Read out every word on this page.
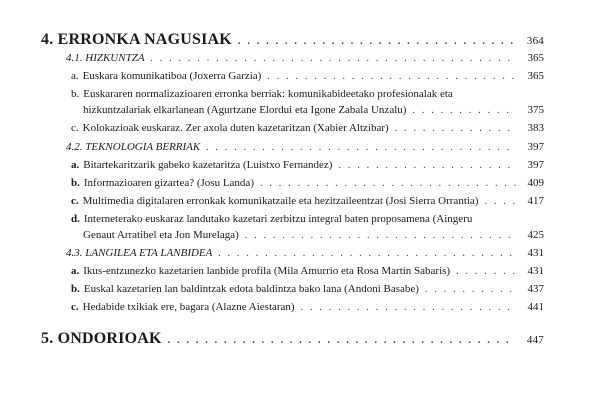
4. ERRONKA NAGUSIAK . . .	364
4.1. HIZKUNTZA . . .	365
a. Euskara komunikatiboa (Joxerra Garzia) . . .	365
b. Euskararen normalizazioaren erronka berriak: komunikabideetako profesionalak eta
hizkuntzalariak elkarlanean (Agurtzane Elordui eta Igone Zabala Unzalu) . . .	375
c. Kolokazioak euskaraz. Zer axola duten kazetaritzan (Xabier Altzibar) . . .	383
4.2. TEKNOLOGIA BERRIAK . . .	397
a. Bitartekaritzarik gabeko kazetaritza (Luistxo Fernandez) . . .	397
b. Informazioaren gizartea? (Josu Landa) . . .	409
c. Multimedia digitalaren erronkak komunikatzaile eta hezitzaileentzat (Josi Sierra Orrantia) . . .	417
d. Interneterako euskaraz landutako kazetari zerbitzu integral baten proposamena (Aingeru
Genaut Arratibel eta Jon Murelaga) . . .	425
4.3. LANGILEA ETA LANBIDEA . . .	431
a. Ikus-entzunezko kazetarien lanbide profila (Mila Amurrio eta Rosa Martín Sabaris) . . .	431
b. Euskal kazetarien lan baldintzak edota baldintza bako lana (Andoni Basabe) . . .	437
c. Hedabide txikiak ere, bagara (Alazne Aiestaran) . . .	441
5. ONDORIOAK . . .	447
